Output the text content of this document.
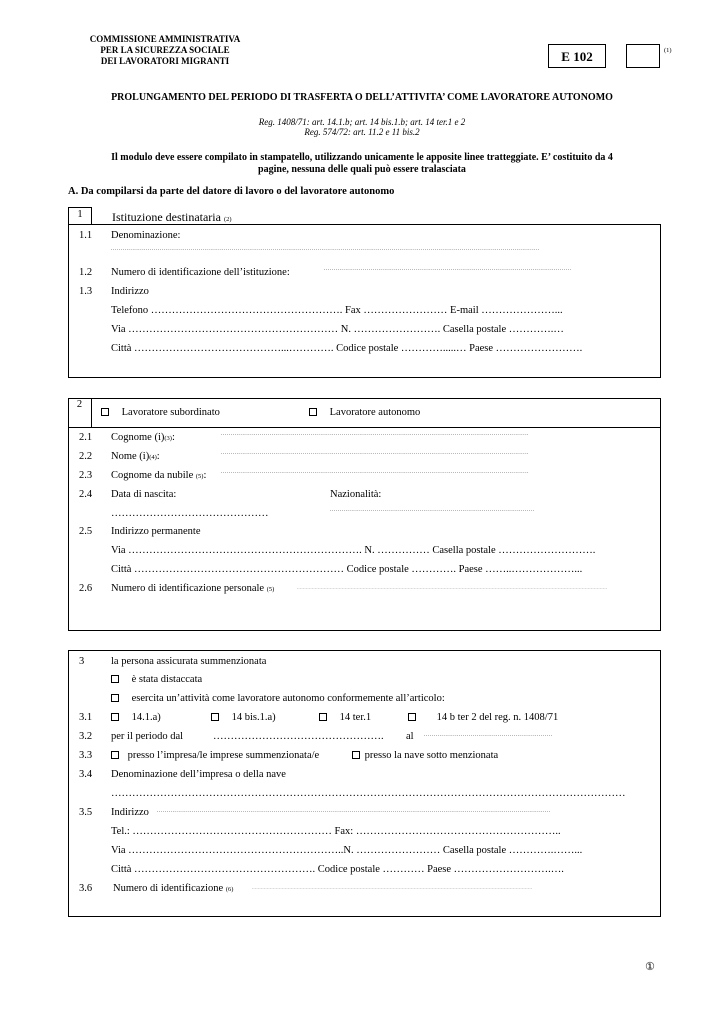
COMMISSIONE AMMINISTRATIVA
PER LA SICUREZZA SOCIALE
DEI LAVORATORI MIGRANTI	E 102	(1)
PROLUNGAMENTO DEL PERIODO DI TRASFERTA O DELL’ATTIVITA’ COME LAVORATORE AUTONOMO
Reg. 1408/71: art. 14.1.b; art. 14 bis.1.b; art. 14 ter.1 e 2
Reg. 574/72: art. 11.2 e 11 bis.2
Il modulo deve essere compilato in stampatello, utilizzando unicamente le apposite linee tratteggiate. E’ costituito da 4
pagine, nessuna delle quali può essere tralasciata
A. Da compilarsi da parte del datore di lavoro o del lavoratore autonomo
1	Istituzione destinataria (2)
1.1 Denominazione:
............................................................................................................................................................................................................................
1.2 Numero di identificazione dell’istituzione:	...............................................................................................................................
1.3 Indirizzo
Telefono ………………………………………………. Fax …………………… E-mail …………………...
Via …………………………………………………… N. ……………………. Casella postale ………….…
Città ……………………………………...…………. Codice postale ………….....… Paese …………………….
2
Lavoratore subordinato	Lavoratore autonomo
2.1 Cognome (i)(3):	..............................................................................................................................................................
2.2 Nome (i)(4):	..............................................................................................................................................................
2.3 Cognome da nubile (5):	..............................................................................................................................................................
2.4 Data di nascita:	Nazionalità:
………………………………………	.........................................................................................................
2.5 Indirizzo permanente
Via …………………………………………………………. N. …………… Casella postale ……………………….
Città …………………………………………………… Codice postale …………. Paese ……..………………...
2.6 Numero di identificazione personale (5)	...............................................................................................................................................................................................................
3	la persona assicurata summenzionata
è stata distaccata
esercita un’attività come lavoratore autonomo conformemente all’articolo:
3.1	14.1.a)	14 bis.1.a)	14 ter.1	14 b ter 2 del reg. n. 1408/71
3.2 per il periodo dal	………………………………………….	al ..................................................................
3.3	presso l’impresa/le imprese summenzionata/e	presso la nave sotto menzionata
3.4 Denominazione dell’impresa o della nave
…………………………………………………………………………………………………………………………………
3.5 Indirizzo ..........................................................................................................................................................................................................
Tel.: ………………………………………………… Fax: …………………………………………………..
Via ……………………………………………………..N. …………………… Casella postale ………….……...
Città ……………………………………………. Codice postale ………… Paese ……………………….….
3.6 Numero di identificazione (6)	...........................................................................................................................................................................................
①
